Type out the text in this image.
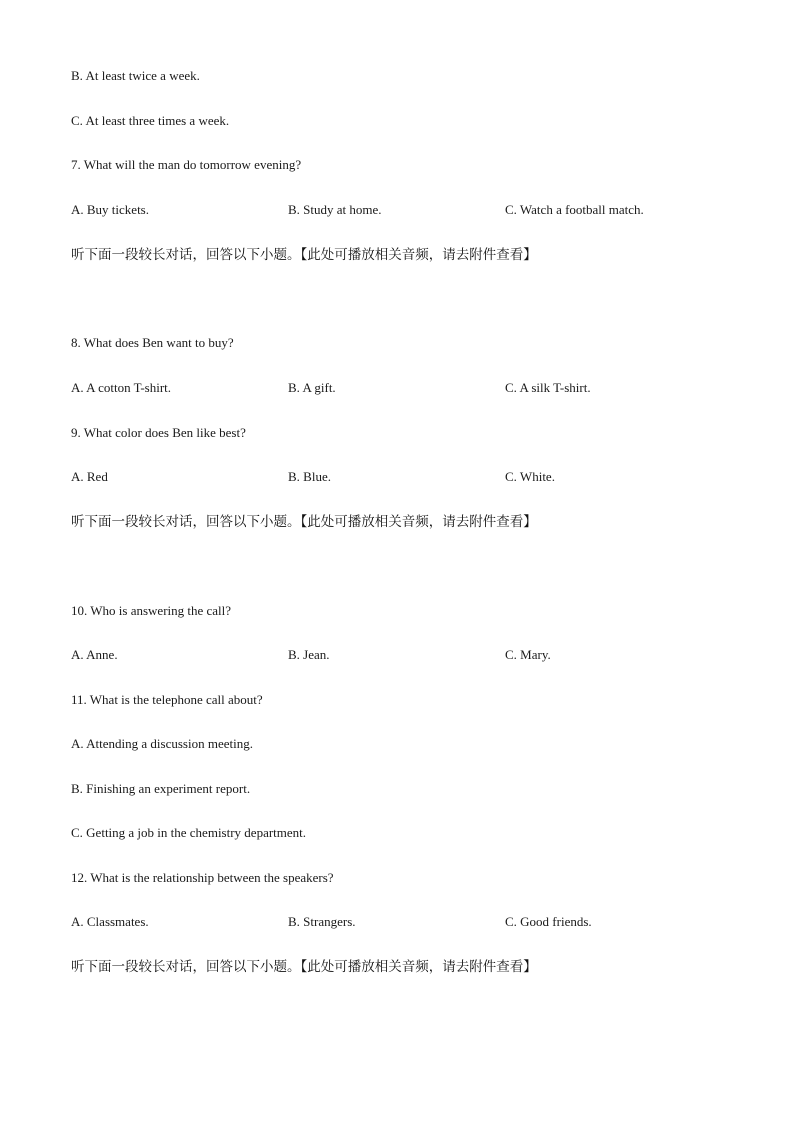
B. At least twice a week.
C. At least three times a week.
7. What will the man do tomorrow evening?
A. Buy tickets.	B. Study at home.	C. Watch a football match.
听下面一段较长对话，回答以下小题。【此处可播放相关音频，请去附件查看】
8. What does Ben want to buy?
A. A cotton T-shirt.	B. A gift.	C. A silk T-shirt.
9. What color does Ben like best?
A. Red	B. Blue.	C. White.
听下面一段较长对话，回答以下小题。【此处可播放相关音频，请去附件查看】
10. Who is answering the call?
A. Anne.	B. Jean.	C. Mary.
11. What is the telephone call about?
A. Attending a discussion meeting.
B. Finishing an experiment report.
C. Getting a job in the chemistry department.
12. What is the relationship between the speakers?
A. Classmates.	B. Strangers.	C. Good friends.
听下面一段较长对话，回答以下小题。【此处可播放相关音频，请去附件查看】
